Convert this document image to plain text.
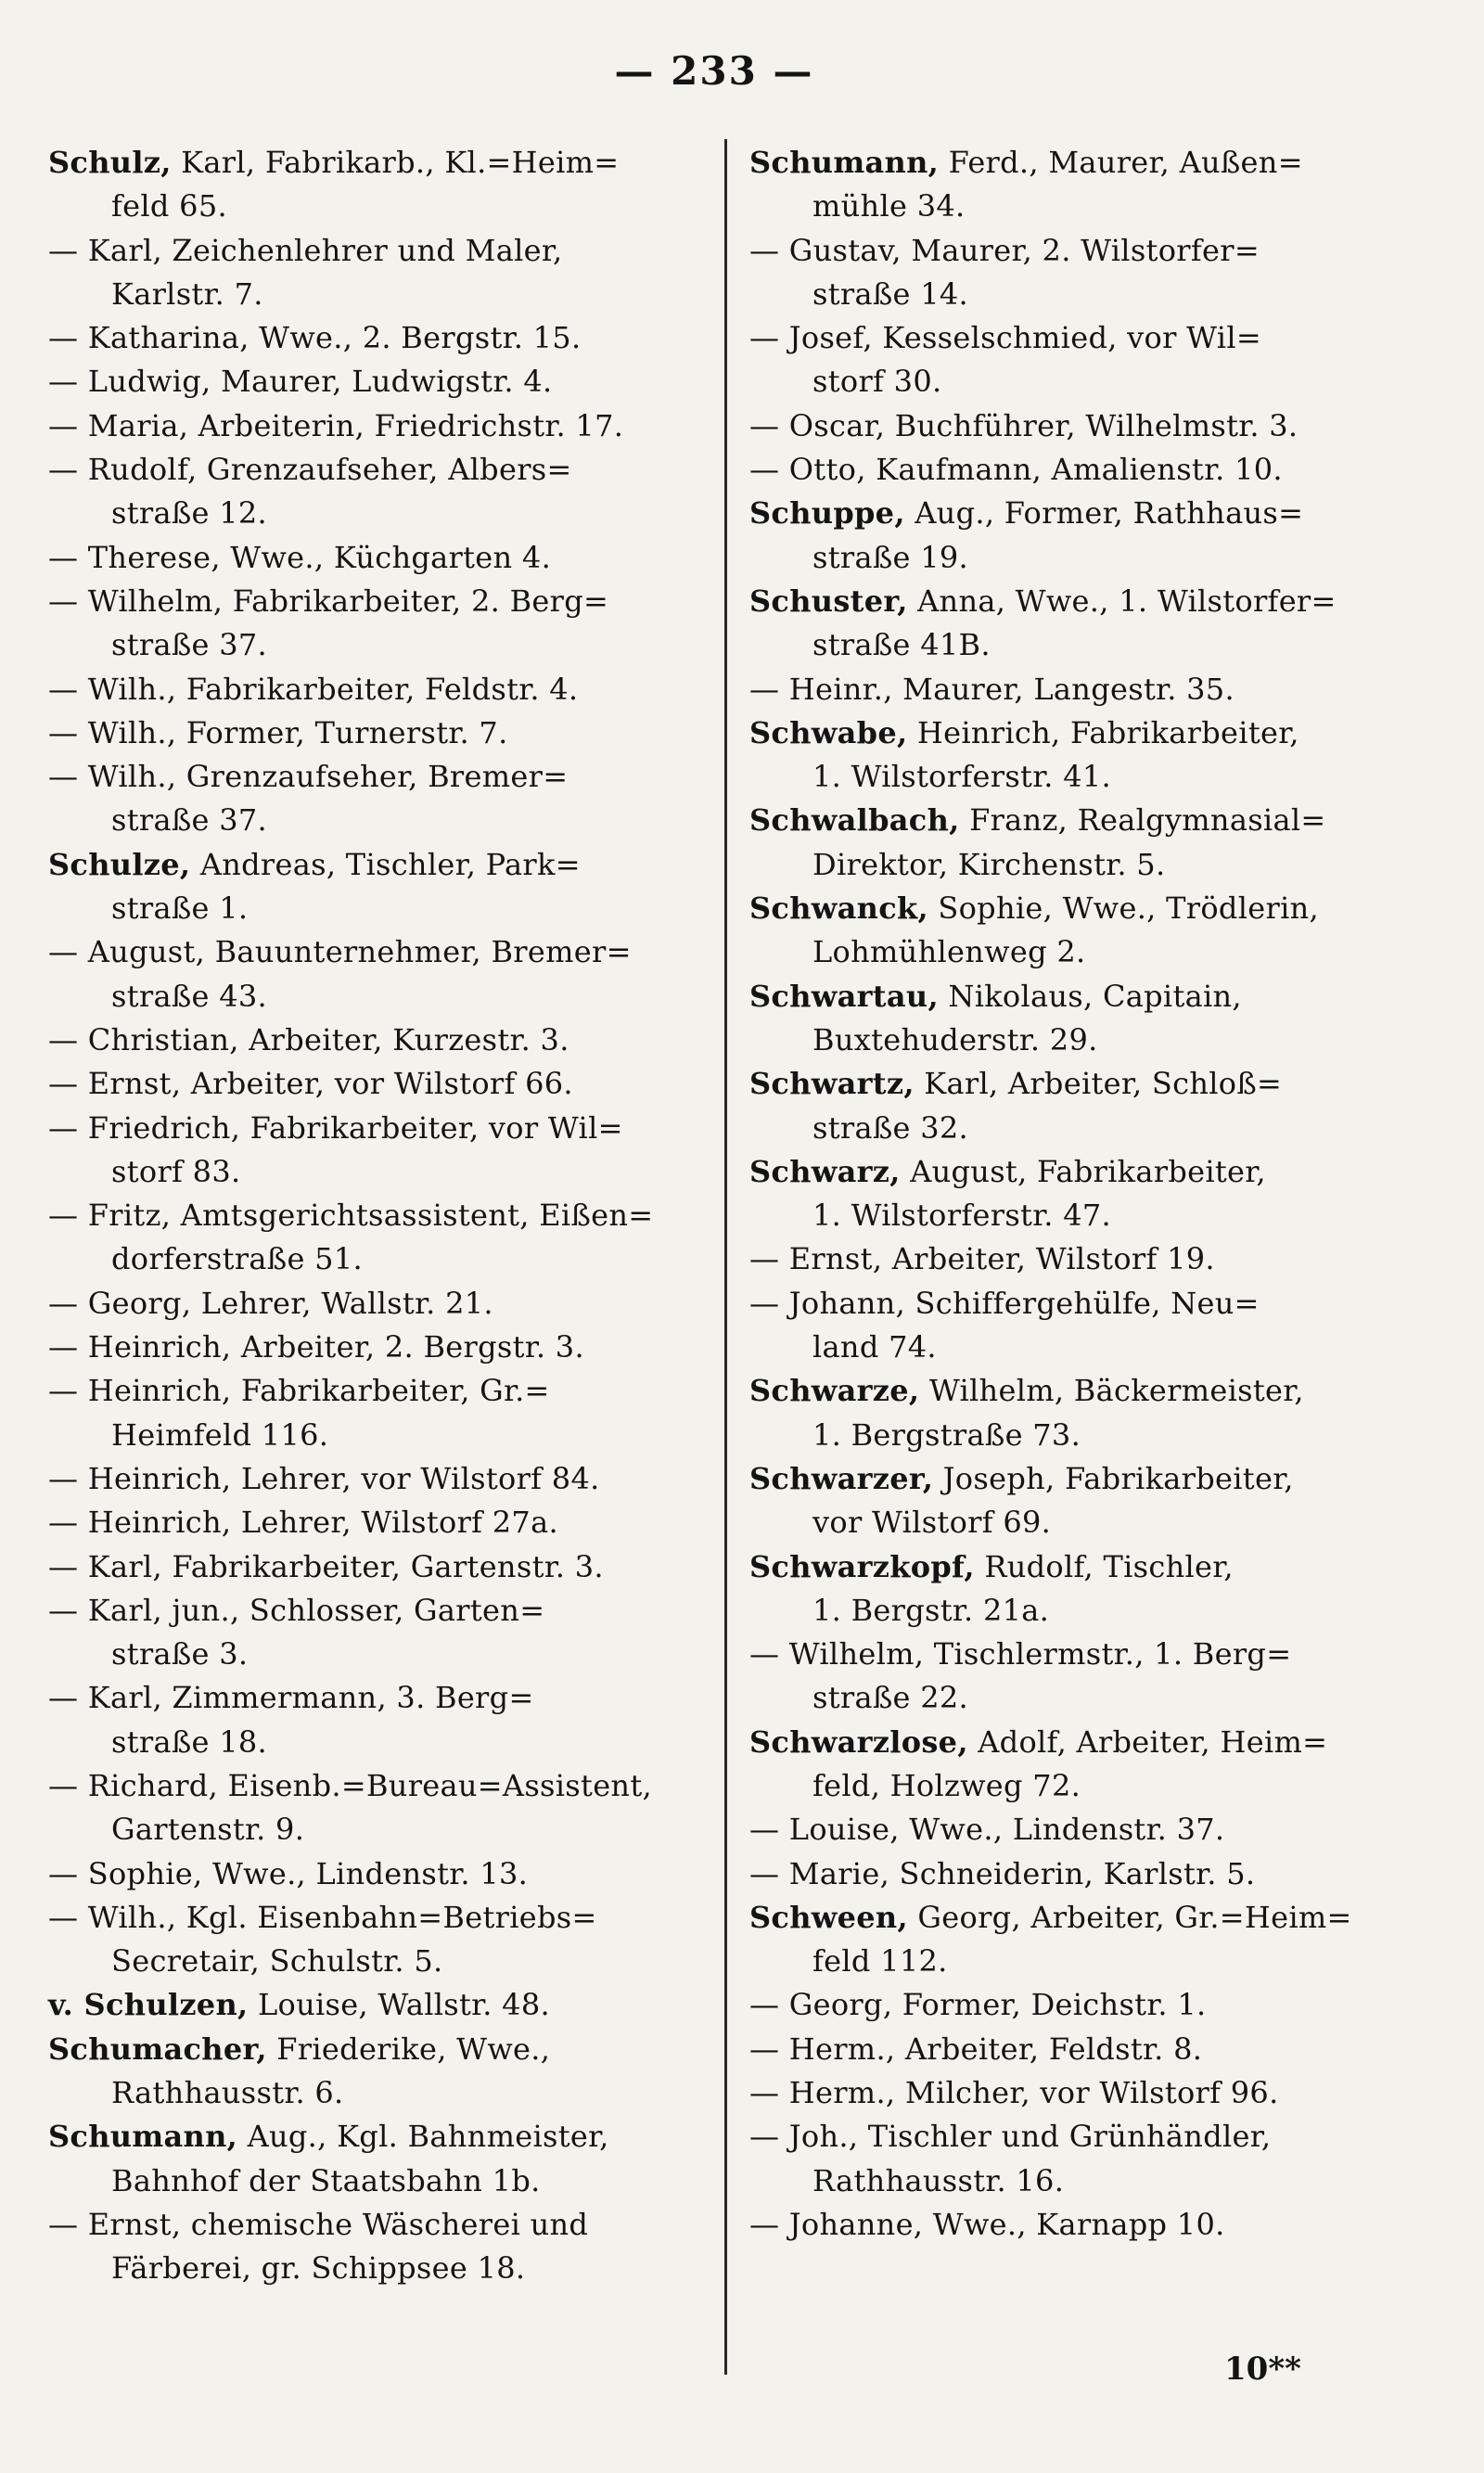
— 233 —
Schulz, Karl, Fabrikarb., Kl.=Heim=
feld 65.
— Karl, Zeichenlehrer und Maler,
Karlstr. 7.
— Katharina, Wwe., 2. Bergstr. 15.
— Ludwig, Maurer, Ludwigstr. 4.
— Maria, Arbeiterin, Friedrichstr. 17.
— Rudolf, Grenzaufseher, Albers=
straße 12.
— Therese, Wwe., Küchgarten 4.
— Wilhelm, Fabrikarbeiter, 2. Berg=
straße 37.
— Wilh., Fabrikarbeiter, Feldstr. 4.
— Wilh., Former, Turnerstr. 7.
— Wilh., Grenzaufseher, Bremer=
straße 37.
Schulze, Andreas, Tischler, Park=
straße 1.
— August, Bauunternehmer, Bremer=
straße 43.
— Christian, Arbeiter, Kurzestr. 3.
— Ernst, Arbeiter, vor Wilstorf 66.
— Friedrich, Fabrikarbeiter, vor Wil=
storf 83.
— Fritz, Amtsgerichtsassistent, Eißen=
dorferstraße 51.
— Georg, Lehrer, Wallstr. 21.
— Heinrich, Arbeiter, 2. Bergstr. 3.
— Heinrich, Fabrikarbeiter, Gr.=
Heimfeld 116.
— Heinrich, Lehrer, vor Wilstorf 84.
— Heinrich, Lehrer, Wilstorf 27a.
— Karl, Fabrikarbeiter, Gartenstr. 3.
— Karl, jun., Schlosser, Garten=
straße 3.
— Karl, Zimmermann, 3. Berg=
straße 18.
— Richard, Eisenb.=Bureau=Assistent,
Gartenstr. 9.
— Sophie, Wwe., Lindenstr. 13.
— Wilh., Kgl. Eisenbahn=Betriebs=
Secretair, Schulstr. 5.
v. Schulzen, Louise, Wallstr. 48.
Schumacher, Friederike, Wwe.,
Rathhausstr. 6.
Schumann, Aug., Kgl. Bahnmeister,
Bahnhof der Staatsbahn 1b.
— Ernst, chemische Wäscherei und
Färberei, gr. Schippsee 18.
Schumann, Ferd., Maurer, Außen=
mühle 34.
— Gustav, Maurer, 2. Wilstorfer=
straße 14.
— Josef, Kesselschmied, vor Wil=
storf 30.
— Oscar, Buchführer, Wilhelmstr. 3.
— Otto, Kaufmann, Amalienstr. 10.
Schuppe, Aug., Former, Rathhaus=
straße 19.
Schuster, Anna, Wwe., 1. Wilstorfer=
straße 41B.
— Heinr., Maurer, Langestr. 35.
Schwabe, Heinrich, Fabrikarbeiter,
1. Wilstorferstr. 41.
Schwalbach, Franz, Realgymnasial=
Direktor, Kirchenstr. 5.
Schwanck, Sophie, Wwe., Trödlerin,
Lohmühlenweg 2.
Schwartau, Nikolaus, Capitain,
Buxtehuderstr. 29.
Schwartz, Karl, Arbeiter, Schloß=
straße 32.
Schwarz, August, Fabrikarbeiter,
1. Wilstorferstr. 47.
— Ernst, Arbeiter, Wilstorf 19.
— Johann, Schiffergehülfe, Neu=
land 74.
Schwarze, Wilhelm, Bäckermeister,
1. Bergstraße 73.
Schwarzer, Joseph, Fabrikarbeiter,
vor Wilstorf 69.
Schwarzkopf, Rudolf, Tischler,
1. Bergstr. 21a.
— Wilhelm, Tischlermstr., 1. Berg=
straße 22.
Schwarzlose, Adolf, Arbeiter, Heim=
feld, Holzweg 72.
— Louise, Wwe., Lindenstr. 37.
— Marie, Schneiderin, Karlstr. 5.
Schween, Georg, Arbeiter, Gr.=Heim=
feld 112.
— Georg, Former, Deichstr. 1.
— Herm., Arbeiter, Feldstr. 8.
— Herm., Milcher, vor Wilstorf 96.
— Joh., Tischler und Grünhändler,
Rathhausstr. 16.
— Johanne, Wwe., Karnapp 10.
10**
